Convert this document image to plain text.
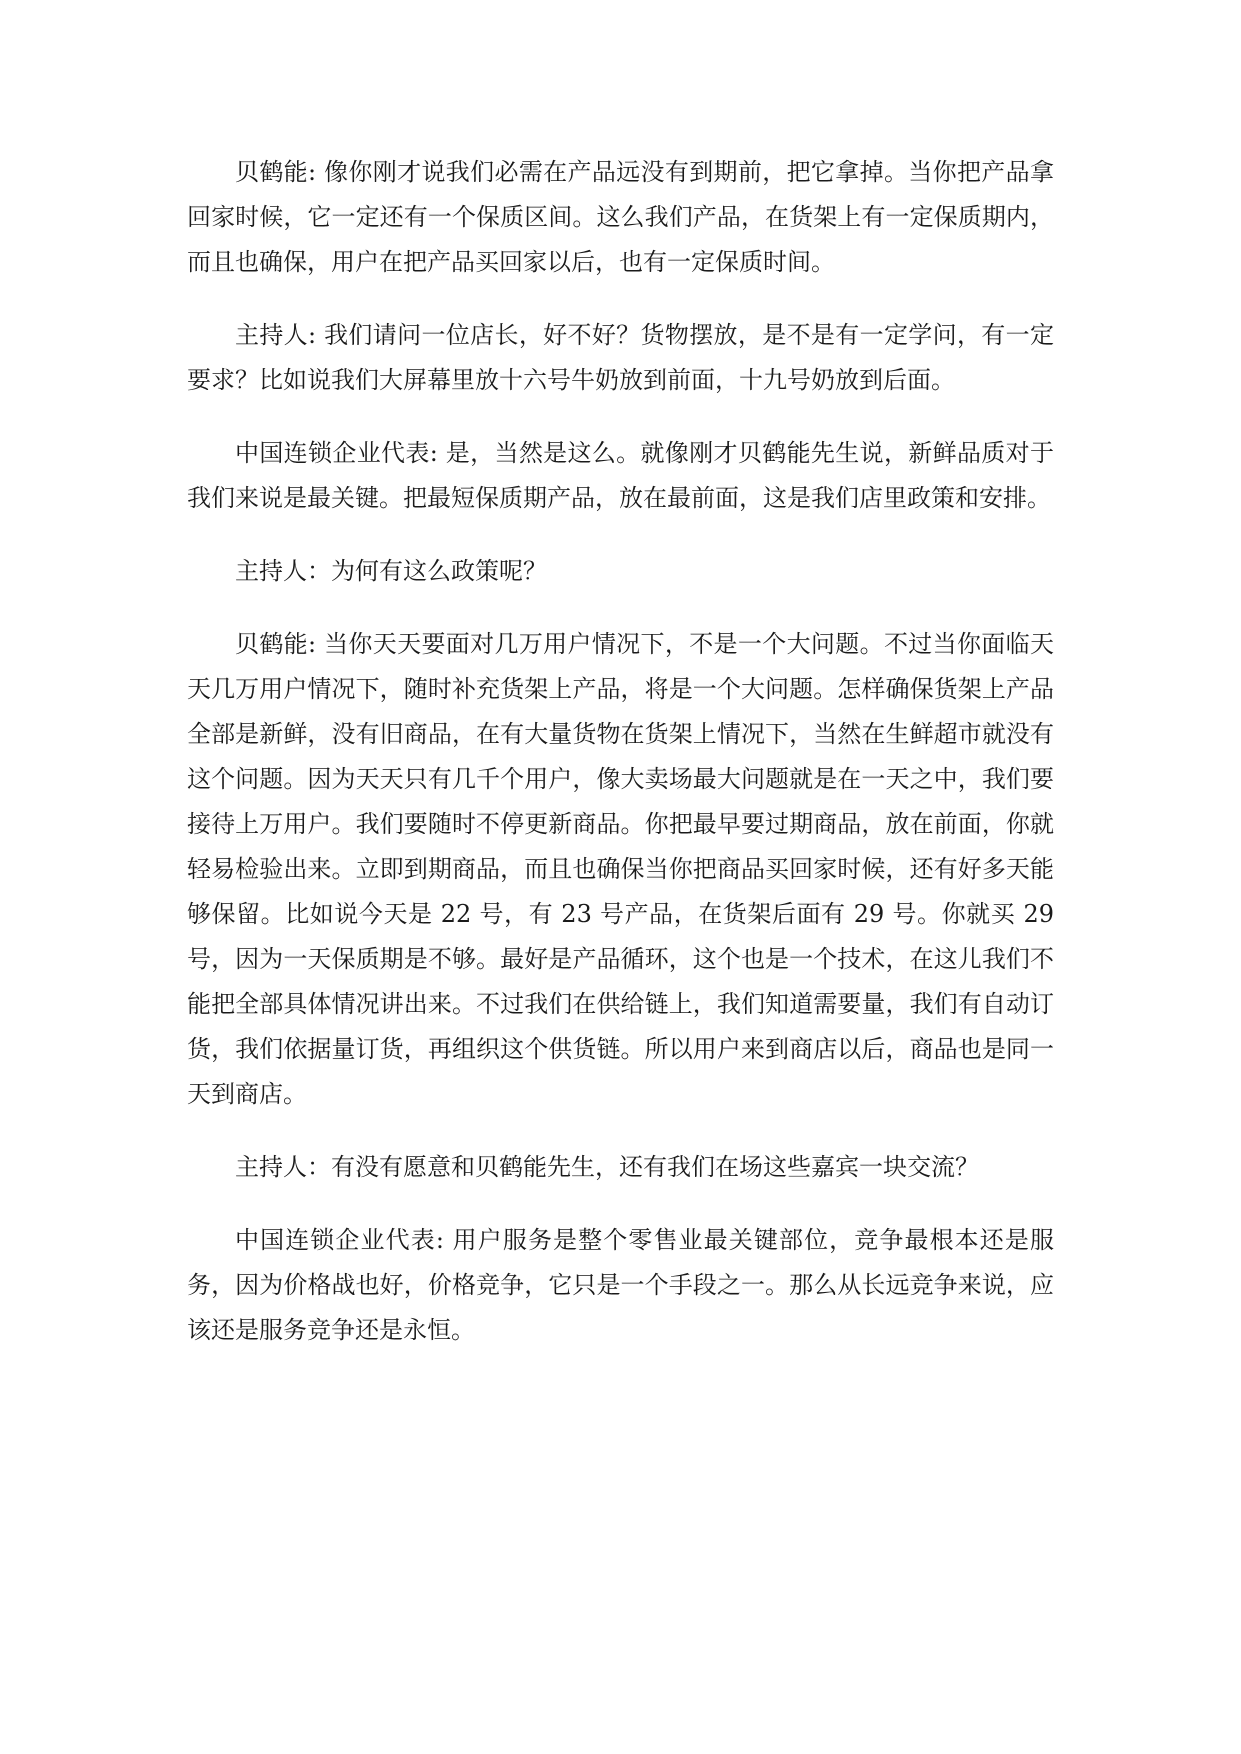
贝鹤能: 像你刚才说我们必需在产品远没有到期前，把它拿掉。当你把产品拿回家时候，它一定还有一个保质区间。这么我们产品，在货架上有一定保质期内，而且也确保，用户在把产品买回家以后，也有一定保质时间。

主持人: 我们请问一位店长，好不好？货物摆放，是不是有一定学问，有一定要求？比如说我们大屏幕里放十六号牛奶放到前面，十九号奶放到后面。

中国连锁企业代表: 是，当然是这么。就像刚才贝鹤能先生说，新鲜品质对于我们来说是最关键。把最短保质期产品，放在最前面，这是我们店里政策和安排。

主持人：为何有这么政策呢？

贝鹤能: 当你天天要面对几万用户情况下，不是一个大问题。不过当你面临天天几万用户情况下，随时补充货架上产品，将是一个大问题。怎样确保货架上产品全部是新鲜，没有旧商品，在有大量货物在货架上情况下，当然在生鲜超市就没有这个问题。因为天天只有几千个用户，像大卖场最大问题就是在一天之中，我们要接待上万用户。我们要随时不停更新商品。你把最早要过期商品，放在前面，你就轻易检验出来。立即到期商品，而且也确保当你把商品买回家时候，还有好多天能够保留。比如说今天是 22 号，有 23 号产品，在货架后面有 29 号。你就买 29 号，因为一天保质期是不够。最好是产品循环，这个也是一个技术，在这儿我们不能把全部具体情况讲出来。不过我们在供给链上，我们知道需要量，我们有自动订货，我们依据量订货，再组织这个供货链。所以用户来到商店以后，商品也是同一天到商店。

主持人：有没有愿意和贝鹤能先生，还有我们在场这些嘉宾一块交流？

中国连锁企业代表: 用户服务是整个零售业最关键部位，竞争最根本还是服务，因为价格战也好，价格竞争，它只是一个手段之一。那么从长远竞争来说，应该还是服务竞争还是永恒。
